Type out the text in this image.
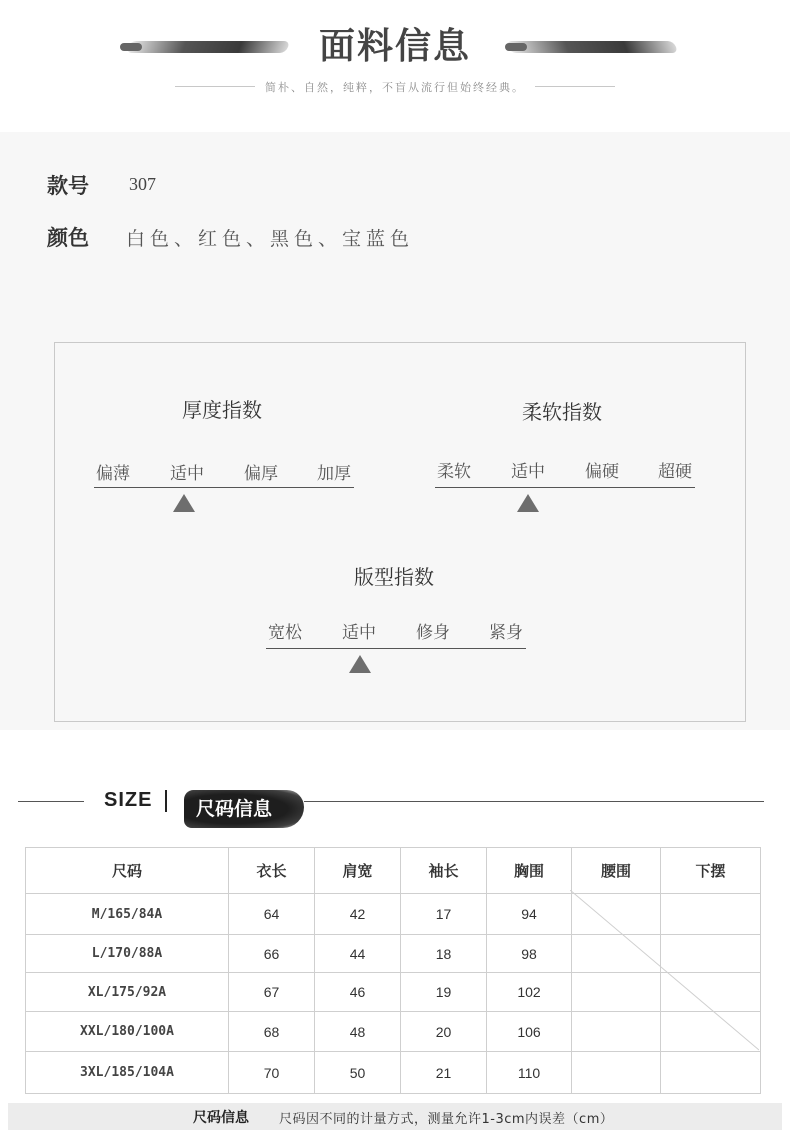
面料信息
简朴、自然，纯粹，不盲从流行但始终经典。
款号 307
颜色 白色、红色、黑色、宝蓝色
厚度指数
偏薄	适中	偏厚	加厚
柔软指数
柔软	适中	偏硬	超硬
版型指数
宽松	适中	修身	紧身
SIZE	尺码信息
尺码	衣长	肩宽	袖长	胸围	腰围	下摆
M/165/84A	64	42	17	94		
L/170/88A	66	44	18	98		
XL/175/92A	67	46	19	102		
XXL/180/100A	68	48	20	106		
3XL/185/104A	70	50	21	110		
尺码信息 尺码因不同的计量方式，测量允许1-3cm内误差（cm）
